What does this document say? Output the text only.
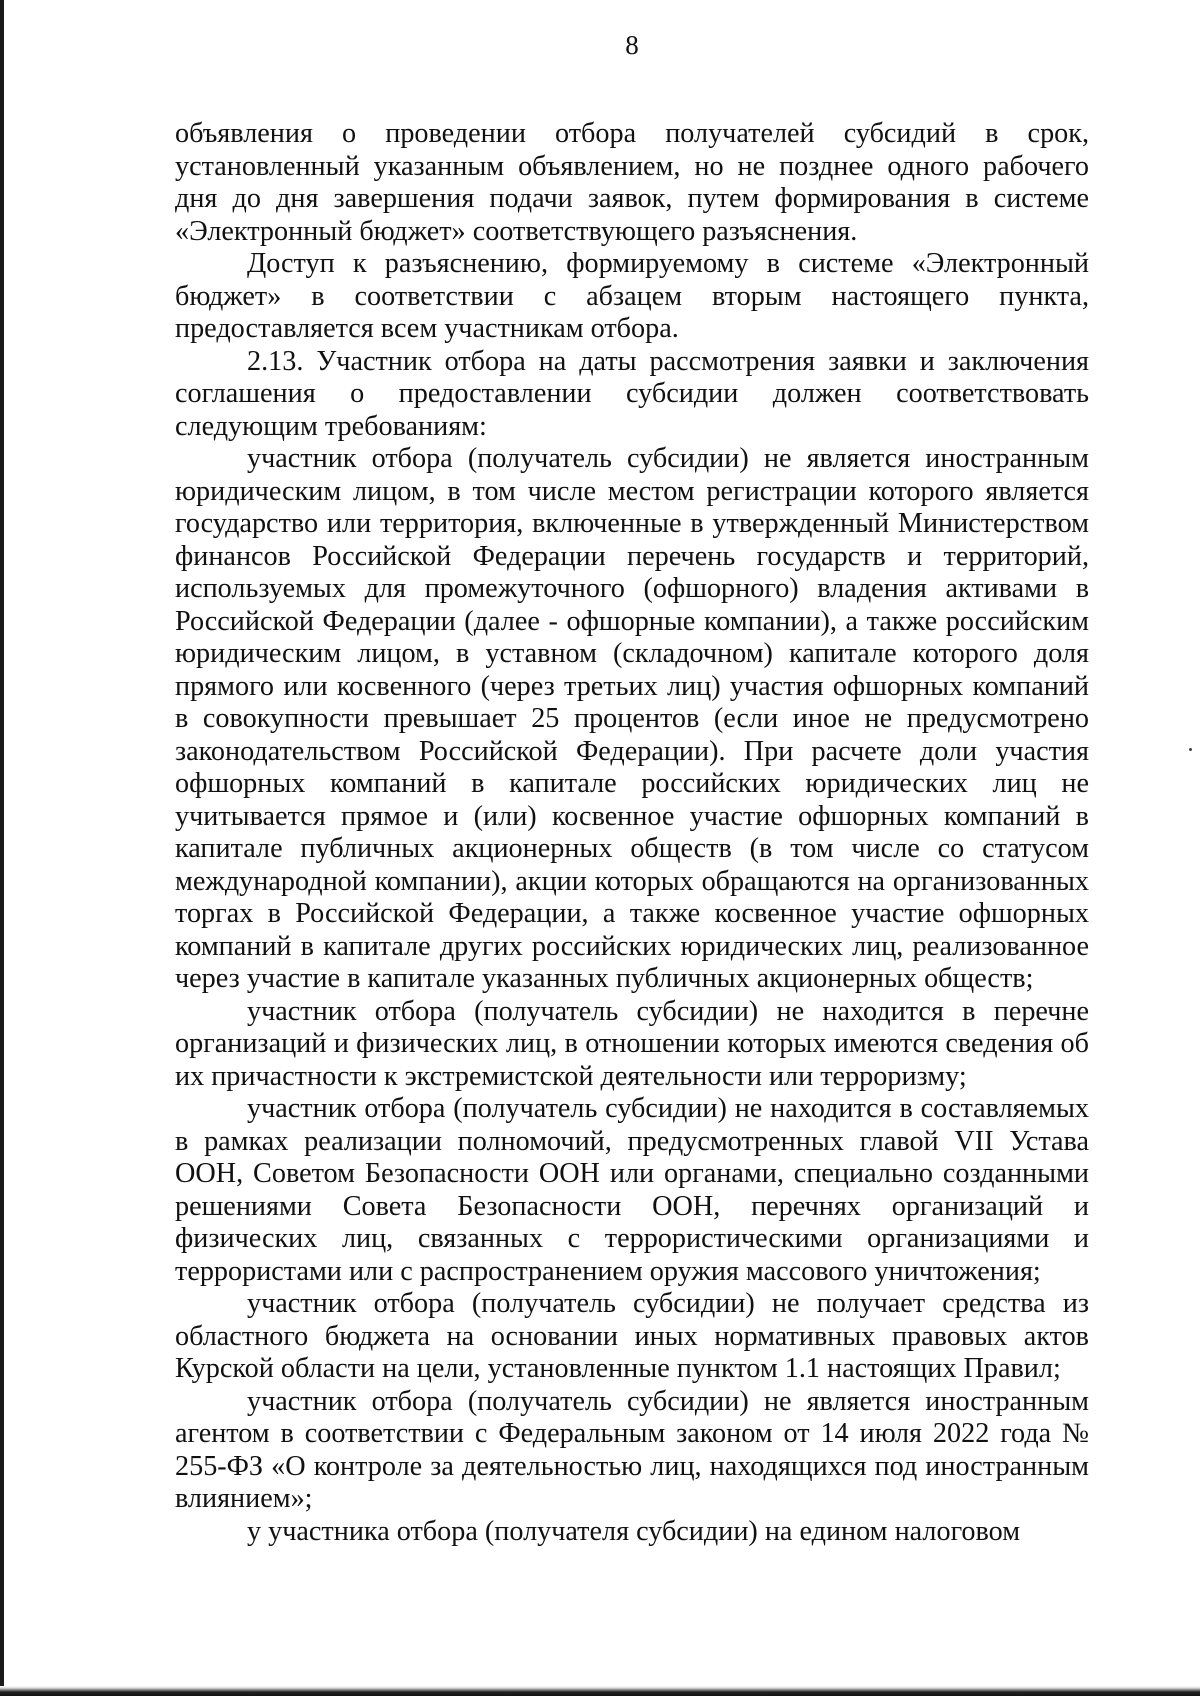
8

объявления о проведении отбора получателей субсидий в срок, установленный указанным объявлением, но не позднее одного рабочего дня до дня завершения подачи заявок, путем формирования в системе «Электронный бюджет» соответствующего разъяснения.

Доступ к разъяснению, формируемому в системе «Электронный бюджет» в соответствии с абзацем вторым настоящего пункта, предоставляется всем участникам отбора.

2.13. Участник отбора на даты рассмотрения заявки и заключения соглашения о предоставлении субсидии должен соответствовать следующим требованиям:

участник отбора (получатель субсидии) не является иностранным юридическим лицом, в том числе местом регистрации которого является государство или территория, включенные в утвержденный Министерством финансов Российской Федерации перечень государств и территорий, используемых для промежуточного (офшорного) владения активами в Российской Федерации (далее - офшорные компании), а также российским юридическим лицом, в уставном (складочном) капитале которого доля прямого или косвенного (через третьих лиц) участия офшорных компаний в совокупности превышает 25 процентов (если иное не предусмотрено законодательством Российской Федерации). При расчете доли участия офшорных компаний в капитале российских юридических лиц не учитывается прямое и (или) косвенное участие офшорных компаний в капитале публичных акционерных обществ (в том числе со статусом международной компании), акции которых обращаются на организованных торгах в Российской Федерации, а также косвенное участие офшорных компаний в капитале других российских юридических лиц, реализованное через участие в капитале указанных публичных акционерных обществ;

участник отбора (получатель субсидии) не находится в перечне организаций и физических лиц, в отношении которых имеются сведения об их причастности к экстремистской деятельности или терроризму;

участник отбора (получатель субсидии) не находится в составляемых в рамках реализации полномочий, предусмотренных главой VII Устава ООН, Советом Безопасности ООН или органами, специально созданными решениями Совета Безопасности ООН, перечнях организаций и физических лиц, связанных с террористическими организациями и террористами или с распространением оружия массового уничтожения;

участник отбора (получатель субсидии) не получает средства из областного бюджета на основании иных нормативных правовых актов Курской области на цели, установленные пунктом 1.1 настоящих Правил;

участник отбора (получатель субсидии) не является иностранным агентом в соответствии с Федеральным законом от 14 июля 2022 года № 255-ФЗ «О контроле за деятельностью лиц, находящихся под иностранным влиянием»;

у участника отбора (получателя субсидии) на едином налоговом
